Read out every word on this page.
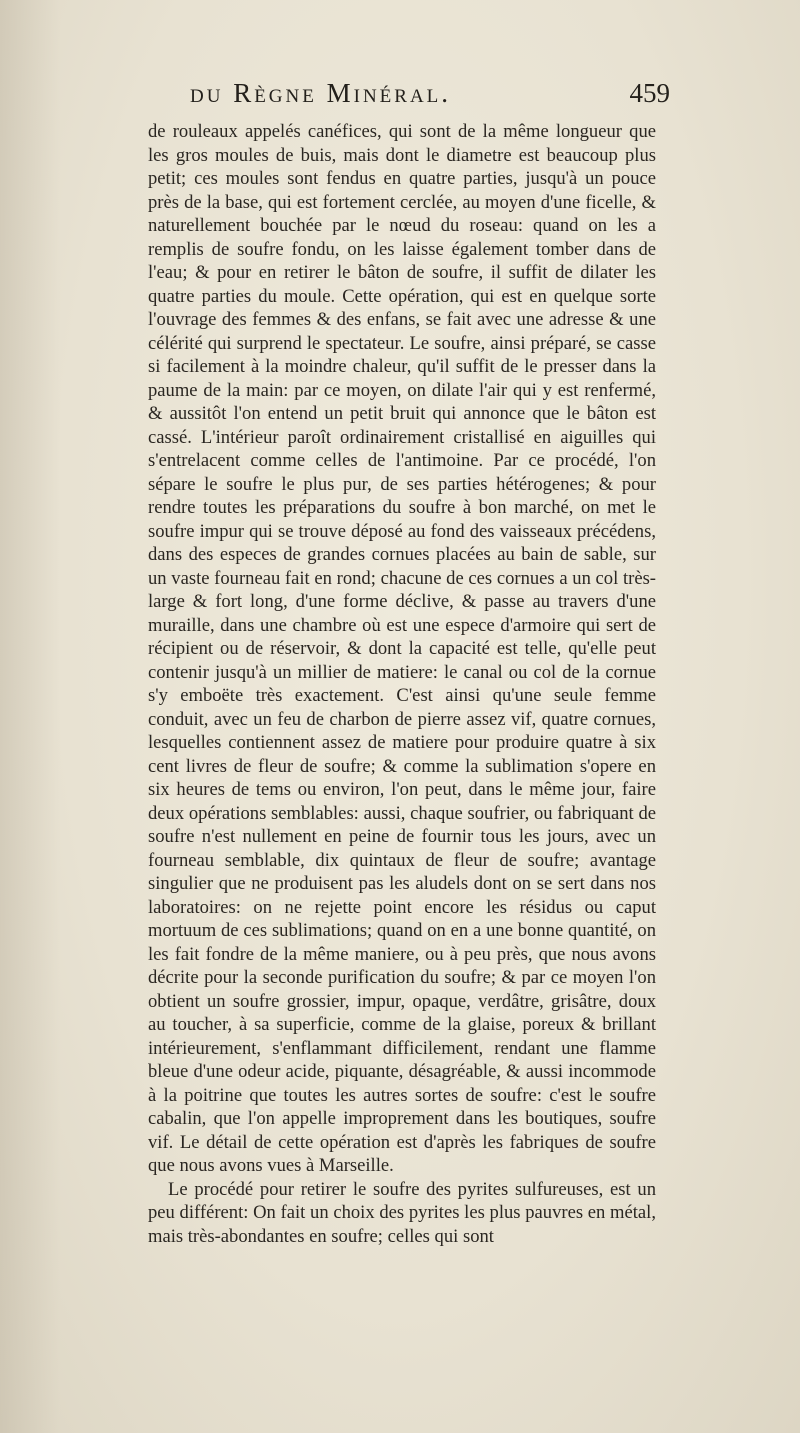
du Règne Minéral.	459

de rouleaux appelés canéfices, qui sont de la même longueur que les gros moules de buis, mais dont le diametre est beaucoup plus petit; ces moules sont fendus en quatre parties, jusqu'à un pouce près de la base, qui est fortement cerclée, au moyen d'une ficelle, & naturellement bouchée par le nœud du roseau: quand on les a remplis de soufre fondu, on les laisse également tomber dans de l'eau; & pour en retirer le bâton de soufre, il suffit de dilater les quatre parties du moule. Cette opération, qui est en quelque sorte l'ouvrage des femmes & des enfans, se fait avec une adresse & une célérité qui surprend le spectateur. Le soufre, ainsi préparé, se casse si facilement à la moindre chaleur, qu'il suffit de le presser dans la paume de la main: par ce moyen, on dilate l'air qui y est renfermé, & aussitôt l'on entend un petit bruit qui annonce que le bâton est cassé. L'intérieur paroît ordinairement cristallisé en aiguilles qui s'entrelacent comme celles de l'antimoine. Par ce procédé, l'on sépare le soufre le plus pur, de ses parties hétérogenes; & pour rendre toutes les préparations du soufre à bon marché, on met le soufre impur qui se trouve déposé au fond des vaisseaux précédens, dans des especes de grandes cornues placées au bain de sable, sur un vaste fourneau fait en rond; chacune de ces cornues a un col très-large & fort long, d'une forme déclive, & passe au travers d'une muraille, dans une chambre où est une espece d'armoire qui sert de récipient ou de réservoir, & dont la capacité est telle, qu'elle peut contenir jusqu'à un millier de matiere: le canal ou col de la cornue s'y emboëte très exactement. C'est ainsi qu'une seule femme conduit, avec un feu de charbon de pierre assez vif, quatre cornues, lesquelles contiennent assez de matiere pour produire quatre à six cent livres de fleur de soufre; & comme la sublimation s'opere en six heures de tems ou environ, l'on peut, dans le même jour, faire deux opérations semblables: aussi, chaque soufrier, ou fabriquant de soufre n'est nullement en peine de fournir tous les jours, avec un fourneau semblable, dix quintaux de fleur de soufre; avantage singulier que ne produisent pas les aludels dont on se sert dans nos laboratoires: on ne rejette point encore les résidus ou caput mortuum de ces sublimations; quand on en a une bonne quantité, on les fait fondre de la même maniere, ou à peu près, que nous avons décrite pour la seconde purification du soufre; & par ce moyen l'on obtient un soufre grossier, impur, opaque, verdâtre, grisâtre, doux au toucher, à sa superficie, comme de la glaise, poreux & brillant intérieurement, s'enflammant difficilement, rendant une flamme bleue d'une odeur acide, piquante, désagréable, & aussi incommode à la poitrine que toutes les autres sortes de soufre: c'est le soufre cabalin, que l'on appelle improprement dans les boutiques, soufre vif. Le détail de cette opération est d'après les fabriques de soufre que nous avons vues à Marseille.

Le procédé pour retirer le soufre des pyrites sulfureuses, est un peu différent: On fait un choix des pyrites les plus pauvres en métal, mais très-abondantes en soufre; celles qui sont
